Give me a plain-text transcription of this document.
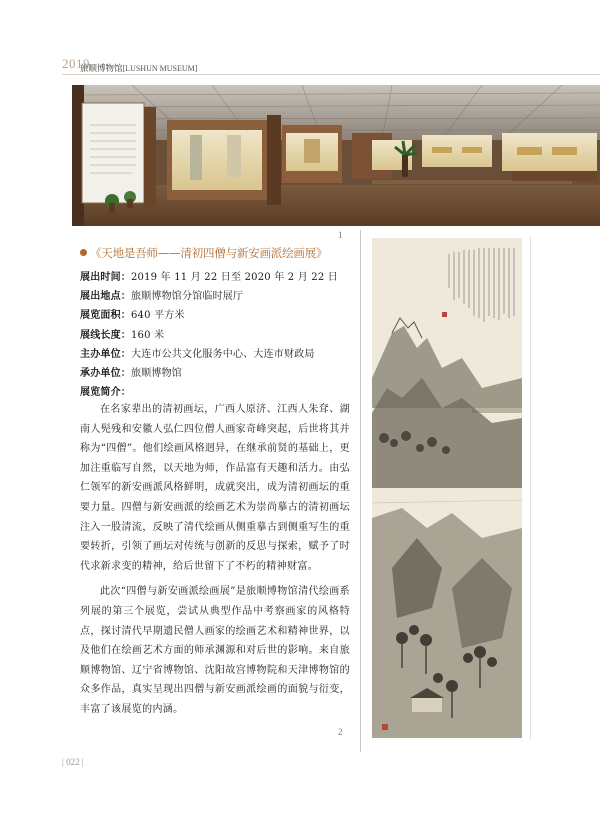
2019
旅顺博物馆[LUSHUN MUSEUM]
1
《天地是吾师——清初四僧与新安画派绘画展》
展出时间：2019 年 11 月 22 日至 2020 年 2 月 22 日
展出地点：旅顺博物馆分馆临时展厅
展览面积：640 平方米
展线长度：160 米
主办单位：大连市公共文化服务中心、大连市财政局
承办单位：旅顺博物馆
展览简介：

在名家辈出的清初画坛，广西人原济、江西人朱耷、湖南人髡残和安徽人弘仁四位僧人画家奇峰突起，后世将其并称为“四僧”。他们绘画风格迥异，在继承前贤的基础上，更加注重临写自然，以天地为师，作品富有天趣和活力。由弘仁领军的新安画派风格鲜明，成就突出，成为清初画坛的重要力量。四僧与新安画派的绘画艺术为崇尚摹古的清初画坛注入一股清流，反映了清代绘画从侧重摹古到侧重写生的重要转折，引领了画坛对传统与创新的反思与探索，赋予了时代求新求变的精神，给后世留下了不朽的精神财富。

此次“四僧与新安画派绘画展”是旅顺博物馆清代绘画系列展的第三个展览，尝试从典型作品中考察画家的风格特点，探讨清代早期遗民僧人画家的绘画艺术和精神世界，以及他们在绘画艺术方面的师承渊源和对后世的影响。来自旅顺博物馆、辽宁省博物馆、沈阳故宫博物院和天津博物馆的众多作品，真实呈现出四僧与新安画派绘画的面貌与衍变，丰富了该展览的内涵。

2
| 022 |
